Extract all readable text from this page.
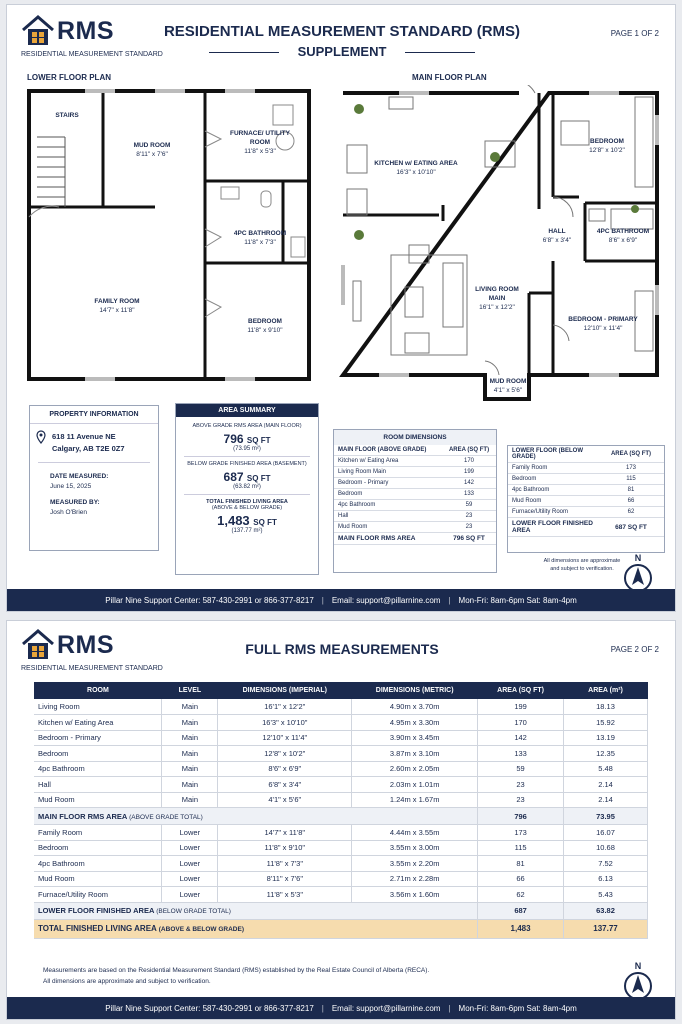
RMS
RESIDENTIAL MEASUREMENT STANDARD
RESIDENTIAL MEASUREMENT STANDARD (RMS)
SUPPLEMENT
PAGE 1 OF 2
LOWER FLOOR PLAN	MAIN FLOOR PLAN
STAIRS
MUD ROOM
8'11" x 7'6"
FURNACE/ UTILITY ROOM
11'8" x 5'3"
4PC BATHROOM
11'8" x 7'3"
FAMILY ROOM
14'7" x 11'8"
BEDROOM
11'8" x 9'10"
KITCHEN w/ EATING AREA
16'3" x 10'10"
BEDROOM
12'8" x 10'2"
HALL
6'8" x 3'4"
4PC BATHROOM
8'6" x 6'9"
LIVING ROOM MAIN
16'1" x 12'2"
BEDROOM - PRIMARY
12'10" x 11'4"
MUD ROOM
4'1" x 5'6"
PROPERTY INFORMATION
618 11 Avenue NE
Calgary, AB T2E 0Z7
DATE MEASURED:
June 15, 2025
MEASURED BY:
Josh O'Brien
AREA SUMMARY
ABOVE GRADE RMS AREA (MAIN FLOOR)
796 SQ FT
(73.95 m²)
BELOW GRADE FINISHED AREA (BASEMENT)
687 SQ FT
(63.82 m²)
TOTAL FINISHED LIVING AREA
(ABOVE & BELOW GRADE)
1,483 SQ FT
(137.77 m²)
ROOM DIMENSIONS
MAIN FLOOR (ABOVE GRADE)	AREA (SQ FT)
Kitchen w/ Eating Area	170
Living Room Main	199
Bedroom - Primary	142
Bedroom	133
4pc Bathroom	59
Hall	23
Mud Room	23
MAIN FLOOR RMS AREA	796 SQ FT
LOWER FLOOR (BELOW GRADE)	AREA (SQ FT)
Family Room	173
Bedroom	115
4pc Bathroom	81
Mud Room	66
Furnace/Utility Room	62
LOWER FLOOR FINISHED AREA	687 SQ FT
All dimensions are approximate
and subject to verification.
N
Pillar Nine Support Center: 587-430-2991 or 866-377-8217 | Email: support@pillarnine.com | Mon-Fri: 8am-6pm Sat: 8am-4pm
RMS
RESIDENTIAL MEASUREMENT STANDARD
FULL RMS MEASUREMENTS	PAGE 2 OF 2
ROOM	LEVEL	DIMENSIONS (IMPERIAL)	DIMENSIONS (METRIC)	AREA (SQ FT)	AREA (m²)
Living Room	Main	16'1" x 12'2"	4.90m x 3.70m	199	18.13
Kitchen w/ Eating Area	Main	16'3" x 10'10"	4.95m x 3.30m	170	15.92
Bedroom - Primary	Main	12'10" x 11'4"	3.90m x 3.45m	142	13.19
Bedroom	Main	12'8" x 10'2"	3.87m x 3.10m	133	12.35
4pc Bathroom	Main	8'6" x 6'9"	2.60m x 2.05m	59	5.48
Hall	Main	6'8" x 3'4"	2.03m x 1.01m	23	2.14
Mud Room	Main	4'1" x 5'6"	1.24m x 1.67m	23	2.14
MAIN FLOOR RMS AREA (ABOVE GRADE TOTAL)				796	73.95
Family Room	Lower	14'7" x 11'8"	4.44m x 3.55m	173	16.07
Bedroom	Lower	11'8" x 9'10"	3.55m x 3.00m	115	10.68
4pc Bathroom	Lower	11'8" x 7'3"	3.55m x 2.20m	81	7.52
Mud Room	Lower	8'11" x 7'6"	2.71m x 2.28m	66	6.13
Furnace/Utility Room	Lower	11'8" x 5'3"	3.56m x 1.60m	62	5.43
LOWER FLOOR FINISHED AREA (BELOW GRADE TOTAL)				687	63.82
TOTAL FINISHED LIVING AREA (ABOVE & BELOW GRADE)				1,483	137.77
Measurements are based on the Residential Measurement Standard (RMS) established by the Real Estate Council of Alberta (RECA).
All dimensions are approximate and subject to verification.
N
Pillar Nine Support Center: 587-430-2991 or 866-377-8217 | Email: support@pillarnine.com | Mon-Fri: 8am-6pm Sat: 8am-4pm
